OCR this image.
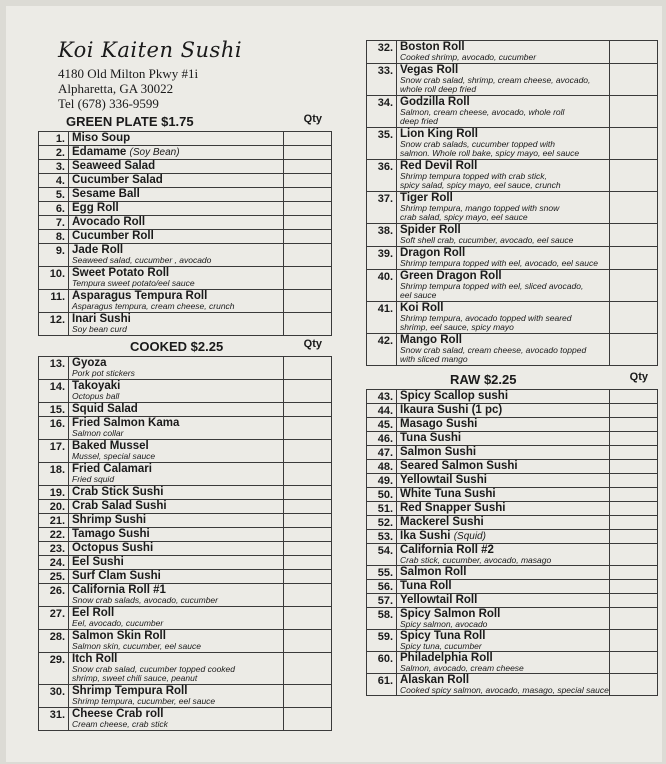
Koi Kaiten Sushi
4180 Old Milton Pkwy #1i
Alpharetta, GA 30022
Tel (678) 336-9599
GREEN PLATE $1.75	Qty
1.	Miso Soup	

2.	Edamame (Soy Bean)	

3.	Seaweed Salad	

4.	Cucumber Salad	

5.	Sesame Ball	

6.	Egg Roll	

7.	Avocado Roll	

8.	Cucumber Roll	

9.	Jade Roll
Seaweed salad, cucumber , avocado	

10.	Sweet Potato Roll
Tempura sweet potato/eel sauce	

11.	Asparagus Tempura Roll
Asparagus tempura, cream cheese, crunch	

12.	Inari Sushi
Soy bean curd	

COOKED $2.25	Qty
13.	Gyoza
Pork pot stickers	

14.	Takoyaki
Octopus ball	

15.	Squid Salad	

16.	Fried Salmon Kama
Salmon collar	

17.	Baked Mussel
Mussel, special sauce	

18.	Fried Calamari
Fried squid	

19.	Crab Stick Sushi	

20.	Crab Salad Sushi	

21.	Shrimp Sushi	

22.	Tamago Sushi	

23.	Octopus Sushi	

24.	Eel Sushi	

25.	Surf Clam Sushi	

26.	California Roll #1
Snow crab salads, avocado, cucumber	

27.	Eel Roll
Eel, avocado, cucumber	

28.	Salmon Skin Roll
Salmon skin, cucumber, eel sauce	

29.	Itch Roll
Snow crab salad, cucumber topped cooked
shrimp, sweet chili sauce, peanut	

30.	Shrimp Tempura Roll
Shrimp tempura, cucumber, eel sauce	

31.	Cheese Crab roll
Cream cheese, crab stick	

32.	Boston Roll
Cooked shrimp, avocado, cucumber	

33.	Vegas Roll
Snow crab salad, shrimp, cream cheese, avocado,
whole roll deep fried	

34.	Godzilla Roll
Salmon, cream cheese, avocado, whole roll
deep fried	

35.	Lion King Roll
Snow crab salads, cucumber topped with
salmon. Whole roll bake, spicy mayo, eel sauce	

36.	Red Devil Roll
Shrimp tempura topped with crab stick,
spicy salad, spicy mayo, eel sauce, crunch	

37.	Tiger Roll
Shrimp tempura, mango topped with snow
crab salad, spicy mayo, eel sauce	

38.	Spider Roll
Soft shell crab, cucumber, avocado, eel sauce	

39.	Dragon Roll
Shrimp tempura topped with eel, avocado, eel sauce	

40.	Green Dragon Roll
Shrimp tempura topped with eel, sliced avocado,
eel sauce	

41.	Koi Roll
Shrimp tempura, avocado topped with seared
shrimp, eel sauce, spicy mayo	

42.	Mango Roll
Snow crab salad, cream cheese, avocado topped
with sliced mango	

RAW $2.25	Qty
43.	Spicy Scallop sushi	

44.	Ikaura Sushi (1 pc)	

45.	Masago Sushi	

46.	Tuna Sushi	

47.	Salmon Sushi	

48.	Seared Salmon Sushi	

49.	Yellowtail Sushi	

50.	White Tuna Sushi	

51.	Red Snapper Sushi	

52.	Mackerel Sushi	

53.	Ika Sushi (Squid)	

54.	California Roll #2
Crab stick, cucumber, avocado, masago	

55.	Salmon Roll	

56.	Tuna Roll	

57.	Yellowtail Roll	

58.	Spicy Salmon Roll
Spicy salmon, avocado	

59.	Spicy Tuna Roll
Spicy tuna, cucumber	

60.	Philadelphia Roll
Salmon, avocado, cream cheese	

61.	Alaskan Roll
Cooked spicy salmon, avocado, masago, special sauce	
